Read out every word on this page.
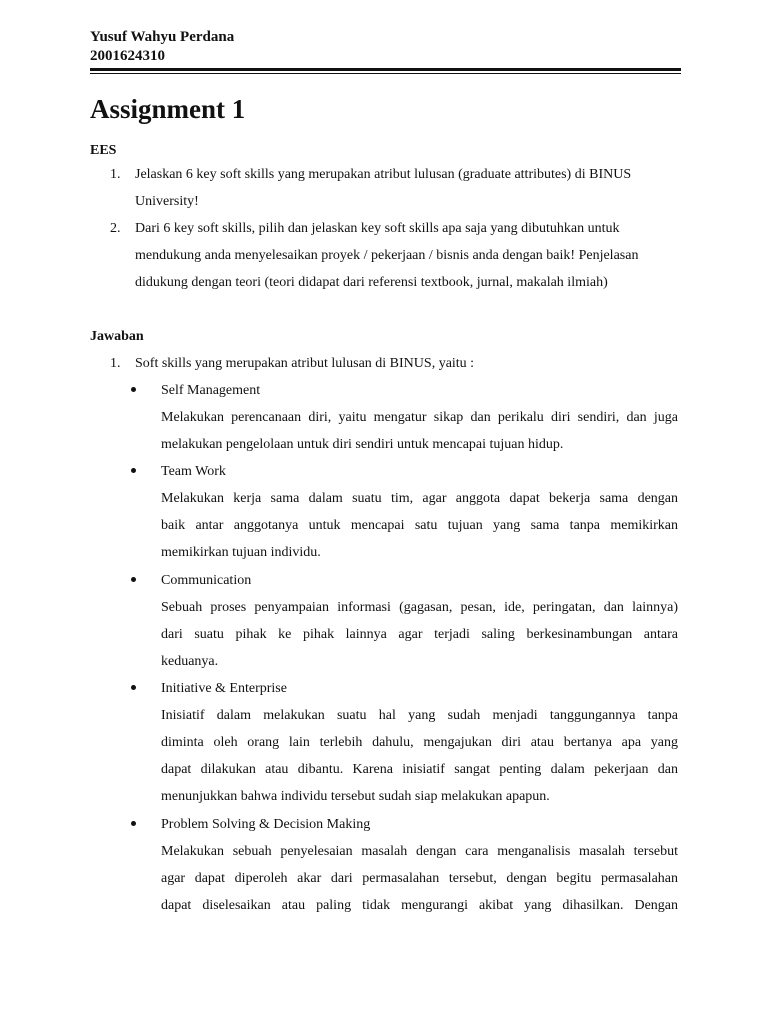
Yusuf Wahyu Perdana
2001624310
Assignment 1
EES
1. Jelaskan 6 key soft skills yang merupakan atribut lulusan (graduate attributes) di BINUS
University!
2. Dari 6 key soft skills, pilih dan jelaskan key soft skills apa saja yang dibutuhkan untuk
mendukung anda menyelesaikan proyek / pekerjaan / bisnis anda dengan baik! Penjelasan
didukung dengan teori (teori didapat dari referensi textbook, jurnal, makalah ilmiah)
Jawaban
1. Soft skills yang merupakan atribut lulusan di BINUS, yaitu :
Self Management
Melakukan perencanaan diri, yaitu mengatur sikap dan perikalu diri sendiri, dan juga
melakukan pengelolaan untuk diri sendiri untuk mencapai tujuan hidup.
Team Work
Melakukan kerja sama dalam suatu tim, agar anggota dapat bekerja sama dengan
baik antar anggotanya untuk mencapai satu tujuan yang sama tanpa memikirkan
memikirkan tujuan individu.
Communication
Sebuah proses penyampaian informasi (gagasan, pesan, ide, peringatan, dan lainnya)
dari suatu pihak ke pihak lainnya agar terjadi saling berkesinambungan antara
keduanya.
Initiative & Enterprise
Inisiatif dalam melakukan suatu hal yang sudah menjadi tanggungannya tanpa
diminta oleh orang lain terlebih dahulu, mengajukan diri atau bertanya apa yang
dapat dilakukan atau dibantu. Karena inisiatif sangat penting dalam pekerjaan dan
menunjukkan bahwa individu tersebut sudah siap melakukan apapun.
Problem Solving & Decision Making
Melakukan sebuah penyelesaian masalah dengan cara menganalisis masalah tersebut
agar dapat diperoleh akar dari permasalahan tersebut, dengan begitu permasalahan
dapat diselesaikan atau paling tidak mengurangi akibat yang dihasilkan. Dengan
